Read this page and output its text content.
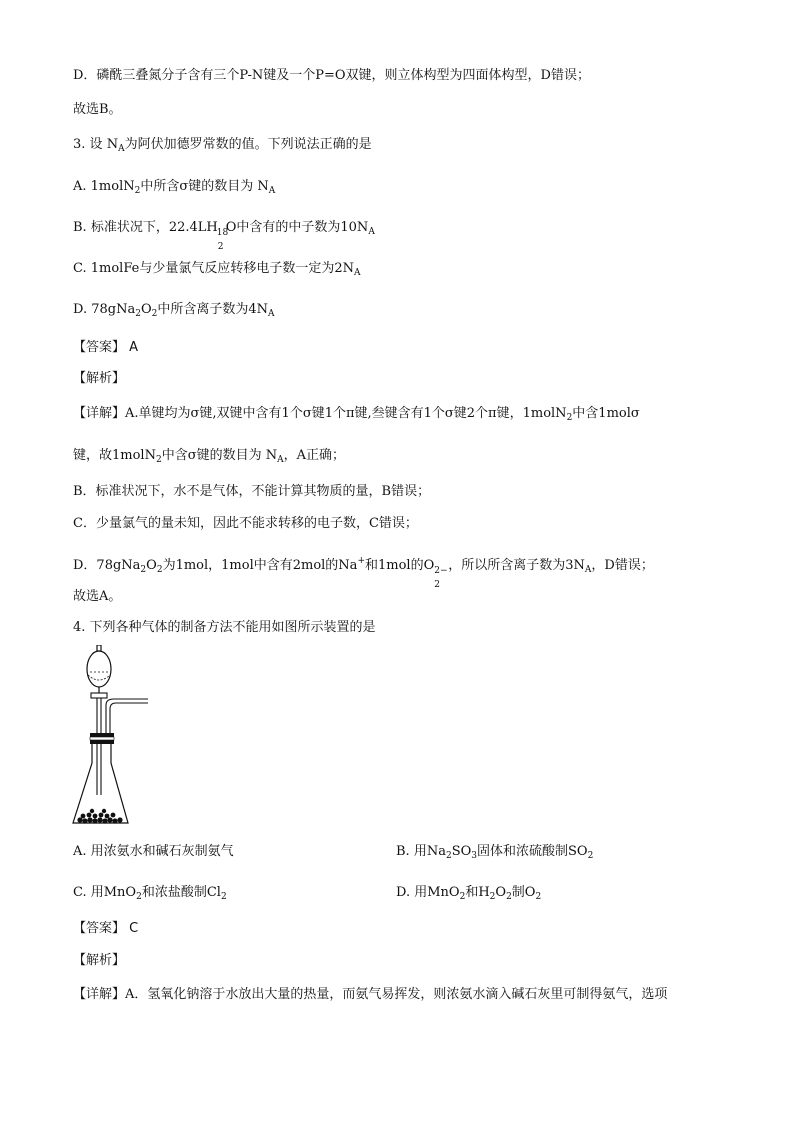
D．磷酰三叠氮分子含有三个P-N键及一个P=O双键，则立体构型为四面体构型，D错误；
故选B。
3. 设 $N_A$为阿伏加德罗常数的值。下列说法正确的是
A. 1molN$_2$中所含σ键的数目为 $N_A$
B. 标准状况下，22.4LH 18
2
O中含有的中子数为$10N_A$
C. 1molFe与少量氯气反应转移电子数一定为$2N_A$
D. $78gNa_2O_2$中所含离子数为$4N_A$
【答案】 A
【解析】
【详解】A.单键均为σ键,双键中含有1个σ键1个π键,叁键含有1个σ键2个π键，1molN$_2$中含1molσ
键，故1molN$_2$中含σ键的数目为 $N_A$，A正确；
B．标准状况下，水不是气体，不能计算其物质的量，B错误；
C．少量氯气的量未知，因此不能求转移的电子数，C错误；
D．$78gNa_2O_2$为1mol，1mol中含有2mol的Na+和1mol的O 2−
2
，所以所含离子数为$3N_A$，D错误；
故选A。
4. 下列各种气体的制备方法不能用如图所示装置的是
A. 用浓氨水和碱石灰制氨气	B. 用$Na_2SO_3$固体和浓硫酸制$SO_2$
C. 用MnO$_2$和浓盐酸制$Cl_2$	D. 用MnO$_2$和$H_2O_2$制$O_2$
【答案】 C
【解析】
【详解】A．氢氧化钠溶于水放出大量的热量，而氨气易挥发，则浓氨水滴入碱石灰里可制得氨气，选项
